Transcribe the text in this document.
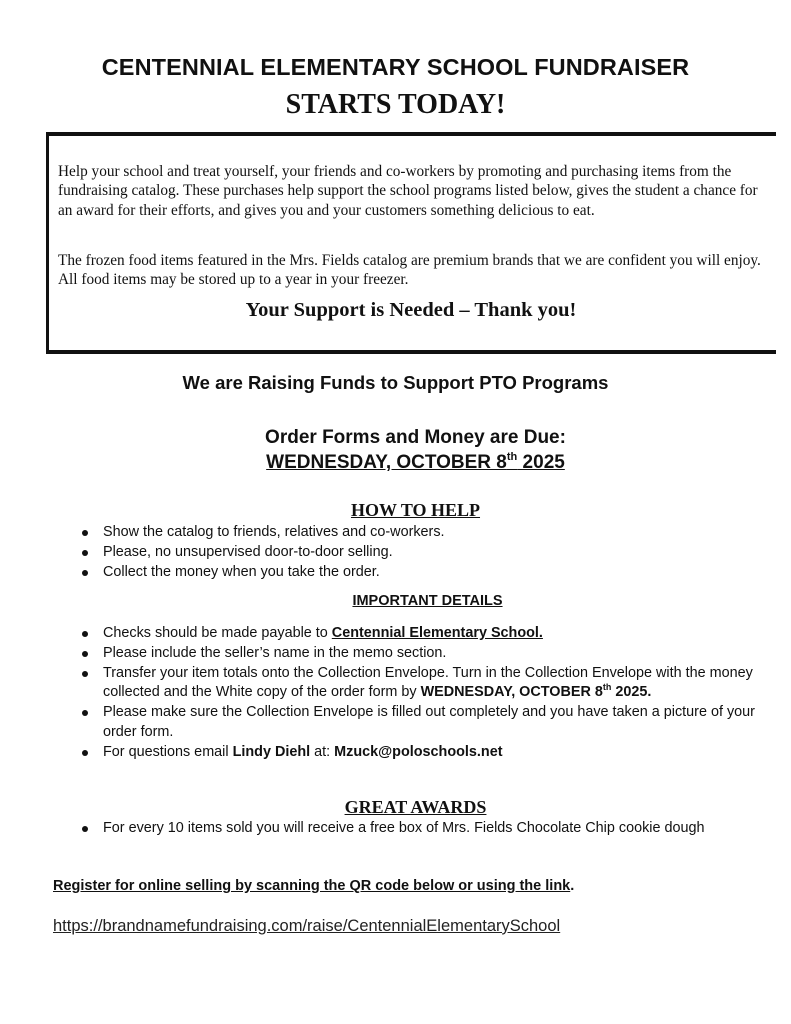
CENTENNIAL ELEMENTARY SCHOOL FUNDRAISER
STARTS TODAY!
Help your school and treat yourself, your friends and co-workers by promoting and purchasing items from the fundraising catalog. These purchases help support the school programs listed below, gives the student a chance for an award for their efforts, and gives you and your customers something delicious to eat.
The frozen food items featured in the Mrs. Fields catalog are premium brands that we are confident you will enjoy. All food items may be stored up to a year in your freezer.
Your Support is Needed – Thank you!
We are Raising Funds to Support PTO Programs
Order Forms and Money are Due:
WEDNESDAY, OCTOBER 8th 2025
HOW TO HELP
Show the catalog to friends, relatives and co-workers.
Please, no unsupervised door-to-door selling.
Collect the money when you take the order.
IMPORTANT DETAILS
Checks should be made payable to Centennial Elementary School.
Please include the seller’s name in the memo section.
Transfer your item totals onto the Collection Envelope. Turn in the Collection Envelope with the money collected and the White copy of the order form by WEDNESDAY, OCTOBER 8th 2025.
Please make sure the Collection Envelope is filled out completely and you have taken a picture of your order form.
For questions email Lindy Diehl at: Mzuck@poloschools.net
GREAT AWARDS
For every 10 items sold you will receive a free box of Mrs. Fields Chocolate Chip cookie dough
Register for online selling by scanning the QR code below or using the link.
https://brandnamefundraising.com/raise/CentennialElementarySchool
